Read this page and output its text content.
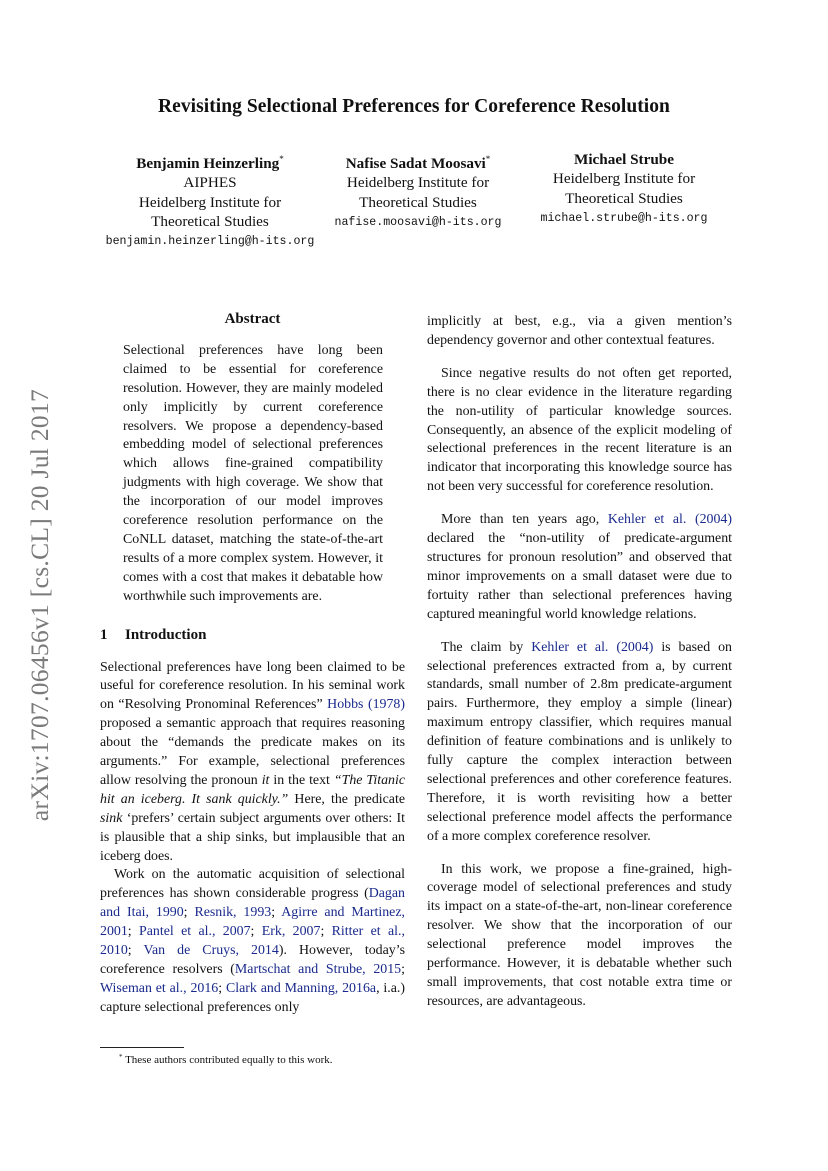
Revisiting Selectional Preferences for Coreference Resolution
Benjamin Heinzerling*
AIPHES
Heidelberg Institute for
Theoretical Studies
benjamin.heinzerling@h-its.org
Nafise Sadat Moosavi*
Heidelberg Institute for
Theoretical Studies
nafise.moosavi@h-its.org
Michael Strube
Heidelberg Institute for
Theoretical Studies
michael.strube@h-its.org
arXiv:1707.06456v1 [cs.CL] 20 Jul 2017
Abstract
Selectional preferences have long been claimed to be essential for coreference resolution. However, they are mainly modeled only implicitly by current coreference resolvers. We propose a dependency-based embedding model of selectional preferences which allows fine-grained compatibility judgments with high coverage. We show that the incorporation of our model improves coreference resolution performance on the CoNLL dataset, matching the state-of-the-art results of a more complex system. However, it comes with a cost that makes it debatable how worthwhile such improvements are.
1 Introduction

Selectional preferences have long been claimed to be useful for coreference resolution. In his seminal work on “Resolving Pronominal References” Hobbs (1978) proposed a semantic approach that requires reasoning about the “demands the predicate makes on its arguments.” For example, selectional preferences allow resolving the pronoun it in the text “The Titanic hit an iceberg. It sank quickly.” Here, the predicate sink ‘prefers’ certain subject arguments over others: It is plausible that a ship sinks, but implausible that an iceberg does.

Work on the automatic acquisition of selectional preferences has shown considerable progress (Dagan and Itai, 1990; Resnik, 1993; Agirre and Martinez, 2001; Pantel et al., 2007; Erk, 2007; Ritter et al., 2010; Van de Cruys, 2014). However, today’s coreference resolvers (Martschat and Strube, 2015; Wiseman et al., 2016; Clark and Manning, 2016a, i.a.) capture selectional preferences only

implicitly at best, e.g., via a given mention’s dependency governor and other contextual features.

Since negative results do not often get reported, there is no clear evidence in the literature regarding the non-utility of particular knowledge sources. Consequently, an absence of the explicit modeling of selectional preferences in the recent literature is an indicator that incorporating this knowledge source has not been very successful for coreference resolution.

More than ten years ago, Kehler et al. (2004) declared the “non-utility of predicate-argument structures for pronoun resolution” and observed that minor improvements on a small dataset were due to fortuity rather than selectional preferences having captured meaningful world knowledge relations.

The claim by Kehler et al. (2004) is based on selectional preferences extracted from a, by current standards, small number of 2.8m predicate-argument pairs. Furthermore, they employ a simple (linear) maximum entropy classifier, which requires manual definition of feature combinations and is unlikely to fully capture the complex interaction between selectional preferences and other coreference features. Therefore, it is worth revisiting how a better selectional preference model affects the performance of a more complex coreference resolver.

In this work, we propose a fine-grained, high-coverage model of selectional preferences and study its impact on a state-of-the-art, non-linear coreference resolver. We show that the incorporation of our selectional preference model improves the performance. However, it is debatable whether such small improvements, that cost notable extra time or resources, are advantageous.

* These authors contributed equally to this work.
